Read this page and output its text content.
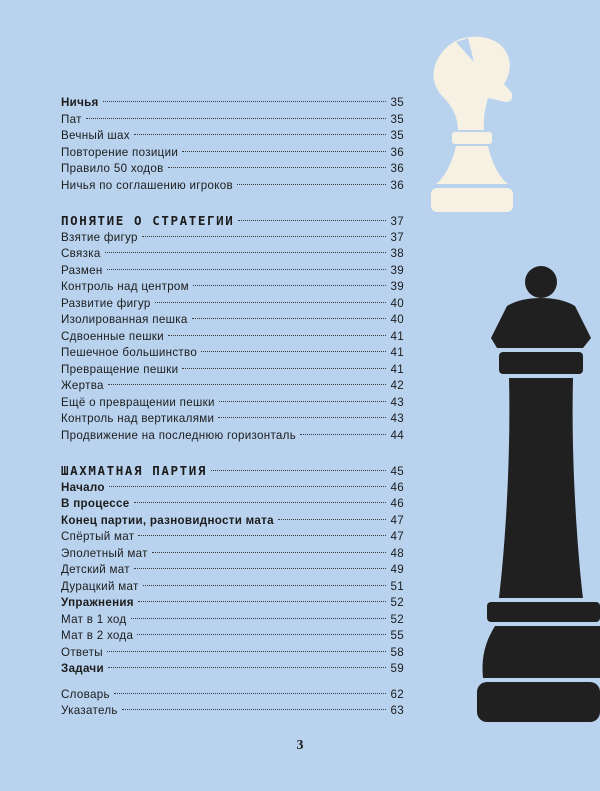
Ничья	35
Пат	35
Вечный шах	35
Повторение позиции	36
Правило 50 ходов	36
Ничья по соглашению игроков	36
ПОНЯТИЕ О СТРАТЕГИИ	37
Взятие фигур	37
Связка	38
Размен	39
Контроль над центром	39
Развитие фигур	40
Изолированная пешка	40
Сдвоенные пешки	41
Пешечное большинство	41
Превращение пешки	41
Жертва	42
Ещё о превращении пешки	43
Контроль над вертикалями	43
Продвижение на последнюю горизонталь	44
ШАХМАТНАЯ ПАРТИЯ	45
Начало	46
В процессе	46
Конец партии, разновидности мата	47
Спёртый мат	47
Эполетный мат	48
Детский мат	49
Дурацкий мат	51
Упражнения	52
Мат в 1 ход	52
Мат в 2 хода	55
Ответы	58
Задачи	59
Словарь	62
Указатель	63
3
